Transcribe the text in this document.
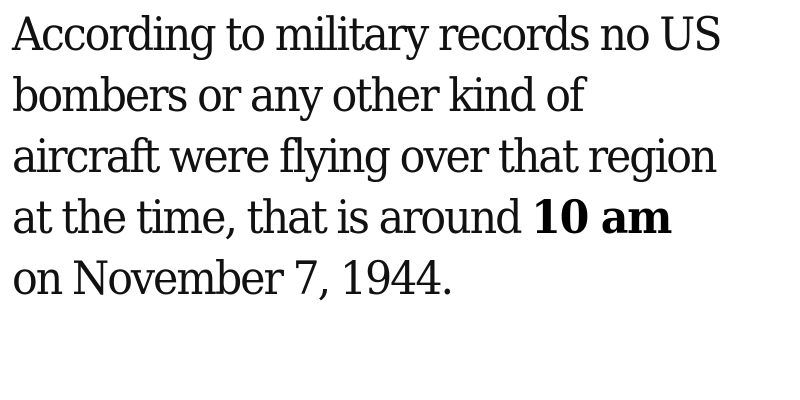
According to military records no US
bombers or any other kind of
aircraft were flying over that region
at the time, that is around 10 am
on November 7, 1944.
